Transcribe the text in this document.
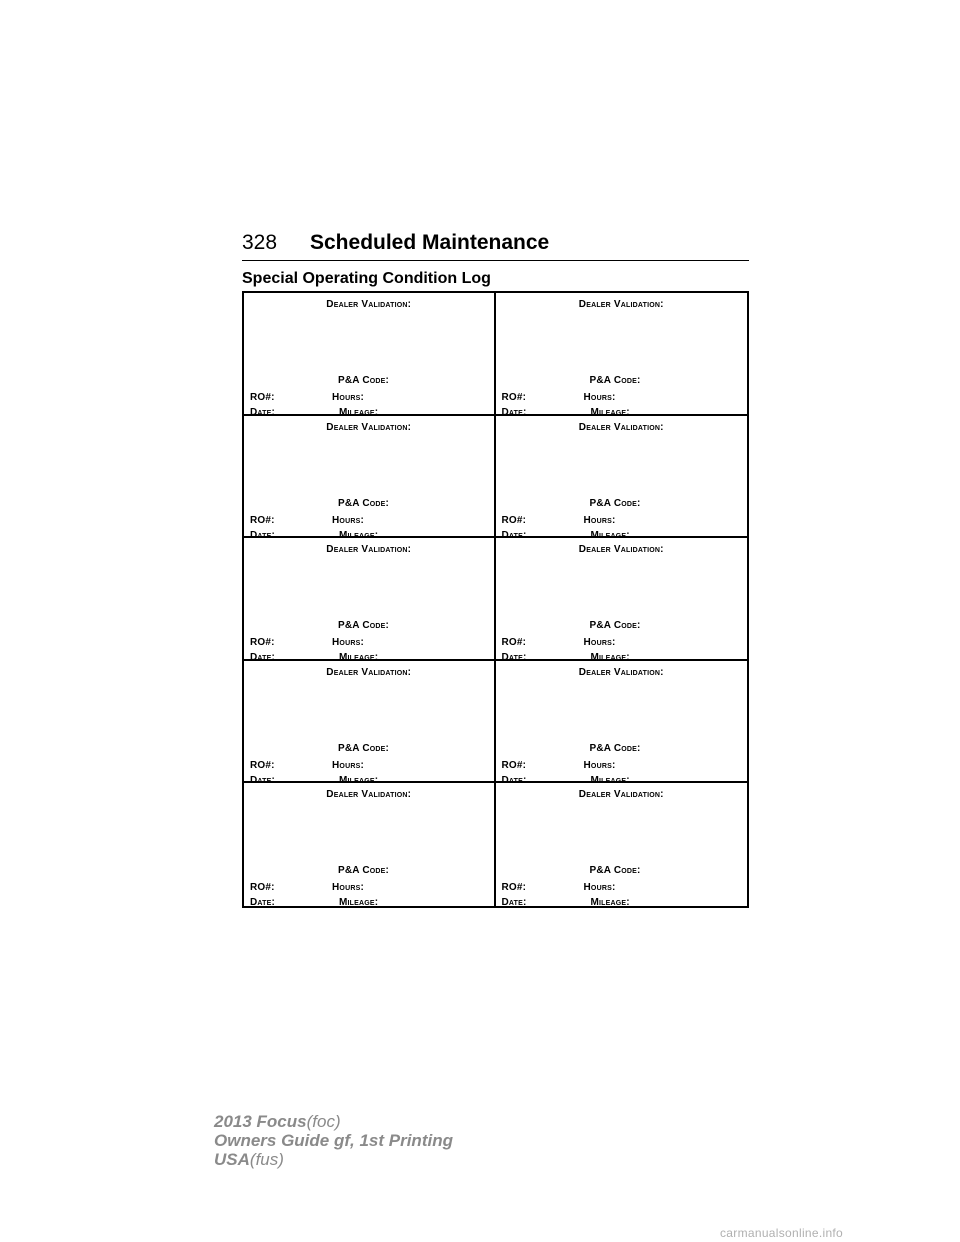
328 Scheduled Maintenance
Special Operating Condition Log
Dealer Validation:
P&A Code:
RO#:	Hours:
Date:	Mileage:
Dealer Validation:
P&A Code:
RO#:	Hours:
Date:	Mileage:
Dealer Validation:
P&A Code:
RO#:	Hours:
Date:	Mileage:
Dealer Validation:
P&A Code:
RO#:	Hours:
Date:	Mileage:
Dealer Validation:
P&A Code:
RO#:	Hours:
Date:	Mileage:
Dealer Validation:
P&A Code:
RO#:	Hours:
Date:	Mileage:
Dealer Validation:
P&A Code:
RO#:	Hours:
Date:	Mileage:
Dealer Validation:
P&A Code:
RO#:	Hours:
Date:	Mileage:
Dealer Validation:
P&A Code:
RO#:	Hours:
Date:	Mileage:
Dealer Validation:
P&A Code:
RO#:	Hours:
Date:	Mileage:
2013 Focus(foc)
Owners Guide gf, 1st Printing
USA(fus)
carmanualsonline.info
